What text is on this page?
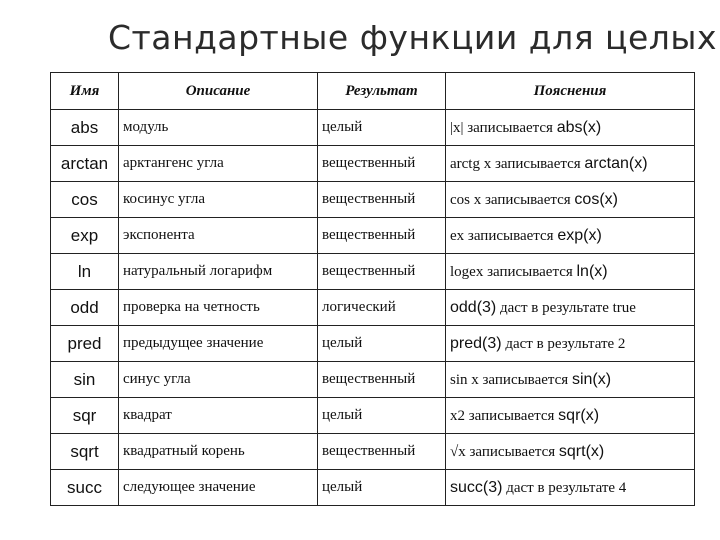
Стандартные функции для целых
Имя	Описание	Результат	Пояснения
abs	модуль	целый	|x| записывается abs(x)
arctan	арктангенс угла	вещественный	arctg x записывается arctan(x)
cos	косинус угла	вещественный	cos x записывается cos(x)
exp	экспонента	вещественный	ex записывается exp(x)
ln	натуральный логарифм	вещественный	logex записывается ln(x)
odd	проверка на четность	логический	odd(3) даст в результате true
pred	предыдущее значение	целый	pred(3) даст в результате 2
sin	синус угла	вещественный	sin x записывается sin(x)
sqr	квадрат	целый	x2 записывается sqr(x)
sqrt	квадратный корень	вещественный	√x записывается sqrt(x)
succ	следующее значение	целый	succ(3) даст в результате 4
